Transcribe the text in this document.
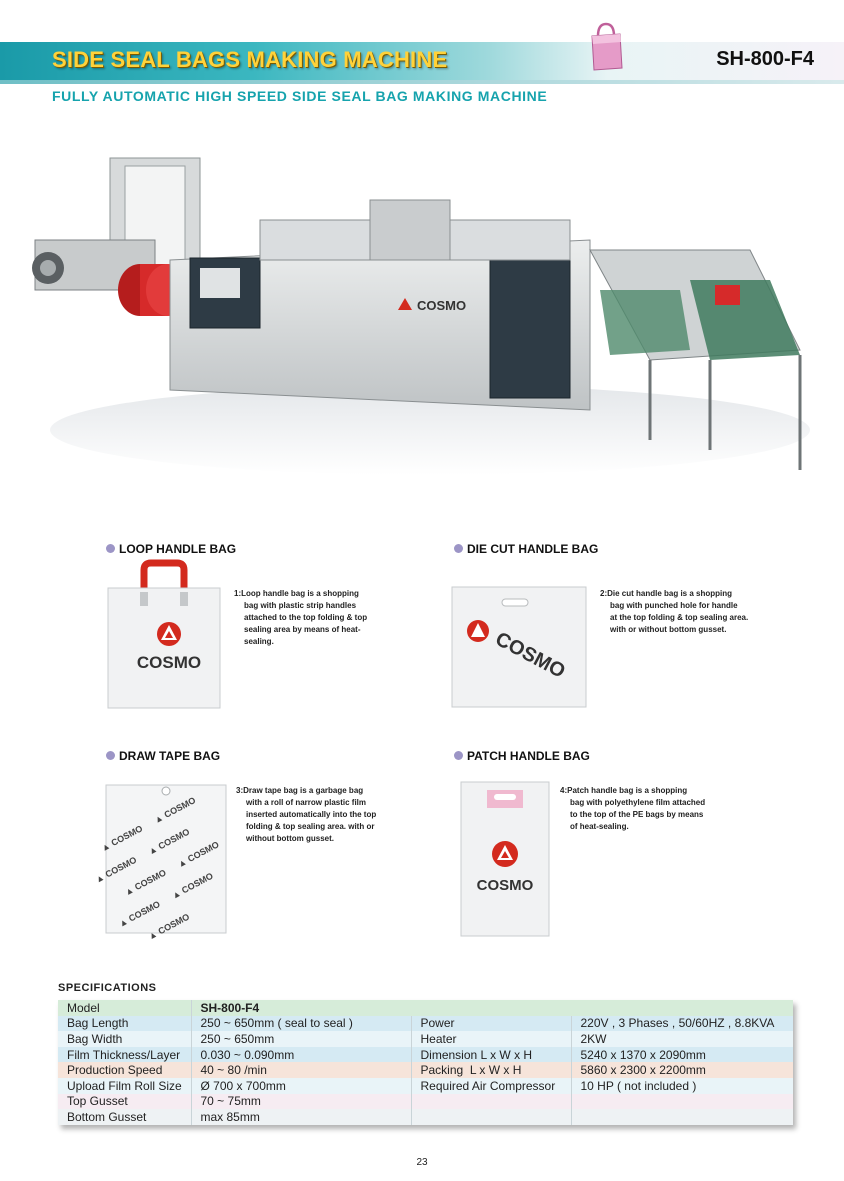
SIDE SEAL BAGS MAKING MACHINE	SH-800-F4
FULLY AUTOMATIC HIGH SPEED SIDE SEAL BAG MAKING MACHINE
COSMO
LOOP HANDLE BAG
COSMO
1:Loop handle bag is a shopping
bag with plastic strip handles
attached to the top folding & top
sealing area by means of heat-
sealing.
DIE CUT HANDLE BAG
COSMO
2:Die cut handle bag is a shopping
bag with punched hole for handle
at the top folding & top sealing area.
with or without bottom gusset.
DRAW TAPE BAG
▲ COSMO
▲ COSMO
▲ COSMO
▲ COSMO
▲ COSMO
▲ COSMO
▲ COSMO
▲ COSMO
▲ COSMO
3:Draw tape bag is a garbage bag
with a roll of narrow plastic film
inserted automatically into the top
folding & top sealing area. with or
without bottom gusset.
PATCH HANDLE BAG
COSMO
4:Patch handle bag is a shopping
bag with polyethylene film attached
to the top of the PE bags by means
of heat-sealing.
SPECIFICATIONS
Model	SH-800-F4		
Bag Length	250 ~ 650mm ( seal to seal )	Power	220V , 3 Phases , 50/60HZ , 8.8KVA
Bag Width	250 ~ 650mm	Heater	2KW
Film Thickness/Layer	0.030 ~ 0.090mm	Dimension L x W x H	5240 x 1370 x 2090mm
Production Speed	40 ~ 80 /min	Packing  L x W x H	5860 x 2300 x 2200mm
Upload Film Roll Size	Ø 700 x 700mm	Required Air Compressor	10 HP ( not included )
Top Gusset	70 ~ 75mm		
Bottom Gusset	max 85mm		
23
